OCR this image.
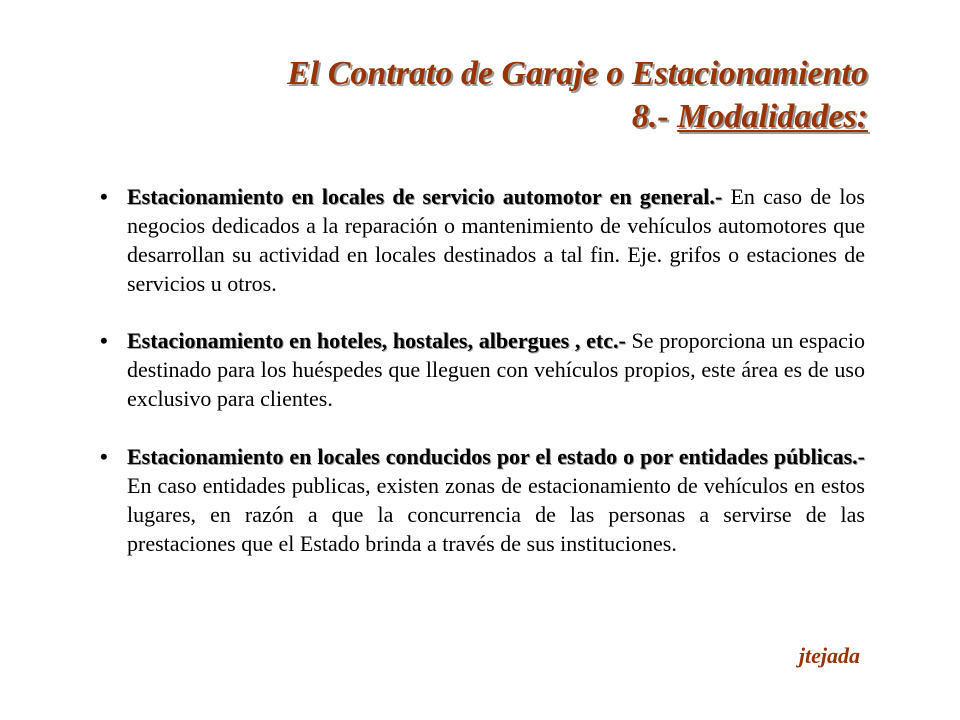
El Contrato de Garaje o Estacionamiento
8.- Modalidades:
• Estacionamiento en locales de servicio automotor en general.- En caso de los negocios dedicados a la reparación o mantenimiento de vehículos automotores que desarrollan su actividad en locales destinados a tal fin. Eje. grifos o estaciones de servicios u otros.
• Estacionamiento en hoteles, hostales, albergues , etc.- Se proporciona un espacio destinado para los huéspedes que lleguen con vehículos propios, este área es de uso exclusivo para clientes.
• Estacionamiento en locales conducidos por el estado o por entidades públicas.- En caso entidades publicas, existen zonas de estacionamiento de vehículos en estos lugares, en razón a que la concurrencia de las personas a servirse de las prestaciones que el Estado brinda a través de sus instituciones.
jtejada
